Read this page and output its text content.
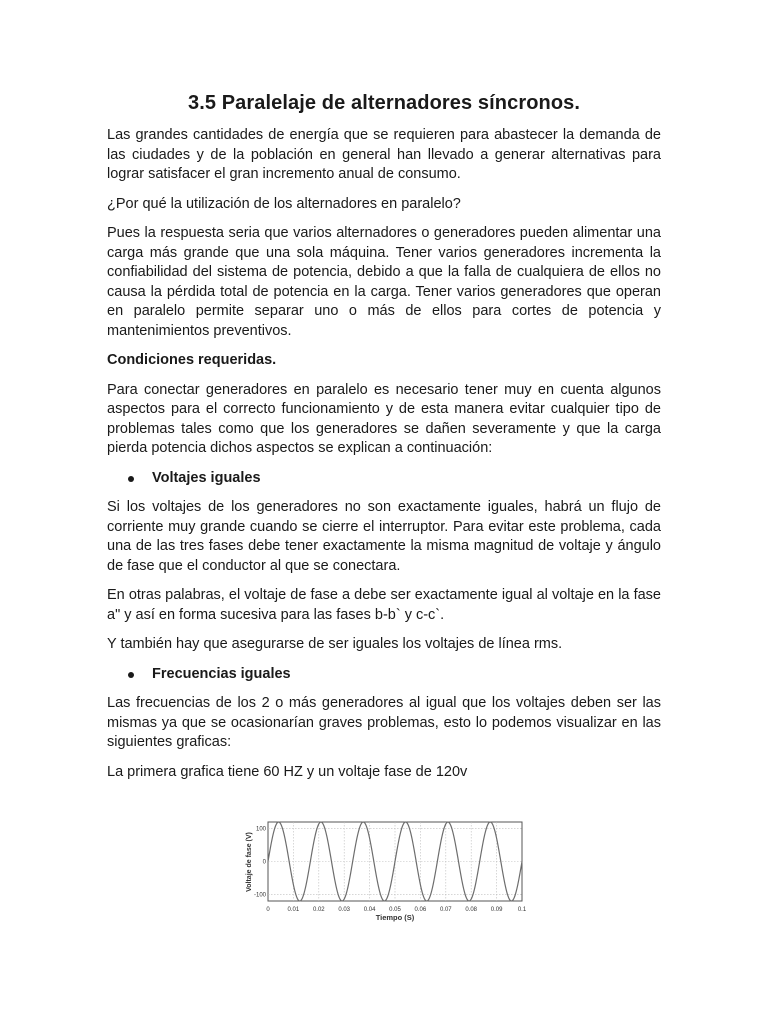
3.5 Paralelaje de alternadores síncronos.

Las grandes cantidades de energía que se requieren para abastecer la demanda de las ciudades y de la población en general han llevado a generar alternativas para lograr satisfacer el gran incremento anual de consumo.

¿Por qué la utilización de los alternadores en paralelo?

Pues la respuesta seria que varios alternadores o generadores pueden alimentar una carga más grande que una sola máquina. Tener varios generadores incrementa la confiabilidad del sistema de potencia, debido a que la falla de cualquiera de ellos no causa la pérdida total de potencia en la carga. Tener varios generadores que operan en paralelo permite separar uno o más de ellos para cortes de potencia y mantenimientos preventivos.

Condiciones requeridas.

Para conectar generadores en paralelo es necesario tener muy en cuenta algunos aspectos para el correcto funcionamiento y de esta manera evitar cualquier tipo de problemas tales como que los generadores se dañen severamente y que la carga pierda potencia dichos aspectos se explican a continuación:

Voltajes iguales

Si los voltajes de los generadores no son exactamente iguales, habrá un flujo de corriente muy grande cuando se cierre el interruptor. Para evitar este problema, cada una de las tres fases debe tener exactamente la misma magnitud de voltaje y ángulo de fase que el conductor al que se conectara.

En otras palabras, el voltaje de fase a debe ser exactamente igual al voltaje en la fase a" y así en forma sucesiva para las fases b-b` y c-c`.

Y también hay que asegurarse de ser iguales los voltajes de línea rms.

Frecuencias iguales

Las frecuencias de los 2 o más generadores al igual que los voltajes deben ser las mismas ya que se ocasionarían graves problemas, esto lo podemos visualizar en las siguientes graficas:

La primera grafica tiene 60 HZ y un voltaje fase de 120v

100
0
-100
0	0.01 0.02 0.03 0.04 0.05 0.06 0.07 0.08 0.09	0.1
Tiempo (S)
Voltaje de fase (V)
